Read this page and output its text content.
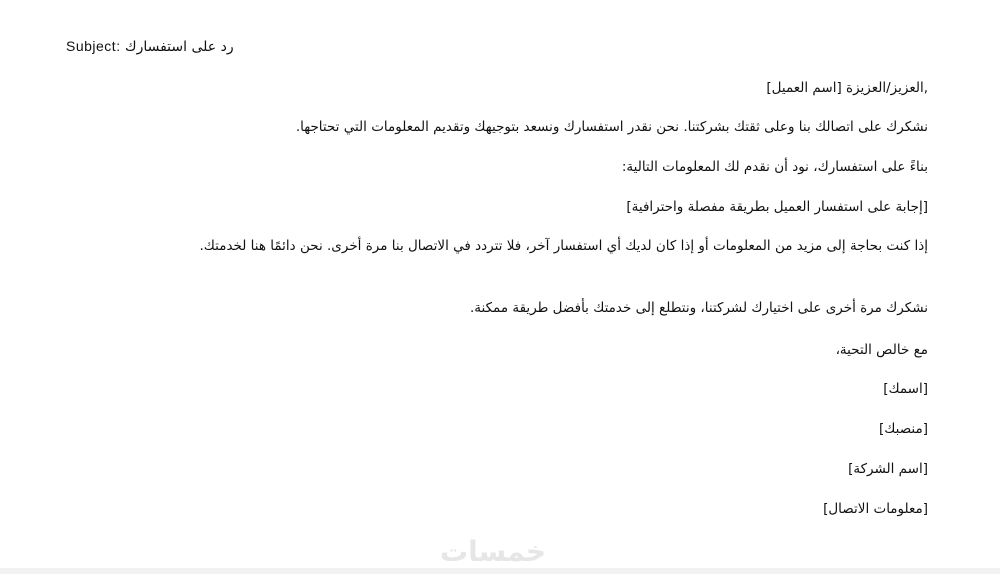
Subject: رد على استفسارك
,العزيز/العزيزة [اسم العميل]
نشكرك على اتصالك بنا وعلى ثقتك بشركتنا. نحن نقدر استفسارك ونسعد بتوجيهك وتقديم المعلومات التي تحتاجها.
بناءً على استفسارك، نود أن نقدم لك المعلومات التالية:
[إجابة على استفسار العميل بطريقة مفصلة واحترافية]
إذا كنت بحاجة إلى مزيد من المعلومات أو إذا كان لديك أي استفسار آخر، فلا تتردد في الاتصال بنا مرة أخرى. نحن دائمًا هنا لخدمتك.
نشكرك مرة أخرى على اختيارك لشركتنا، ونتطلع إلى خدمتك بأفضل طريقة ممكنة.
مع خالص التحية،
[اسمك]
[منصبك]
[اسم الشركة]
[معلومات الاتصال]
خمسات
